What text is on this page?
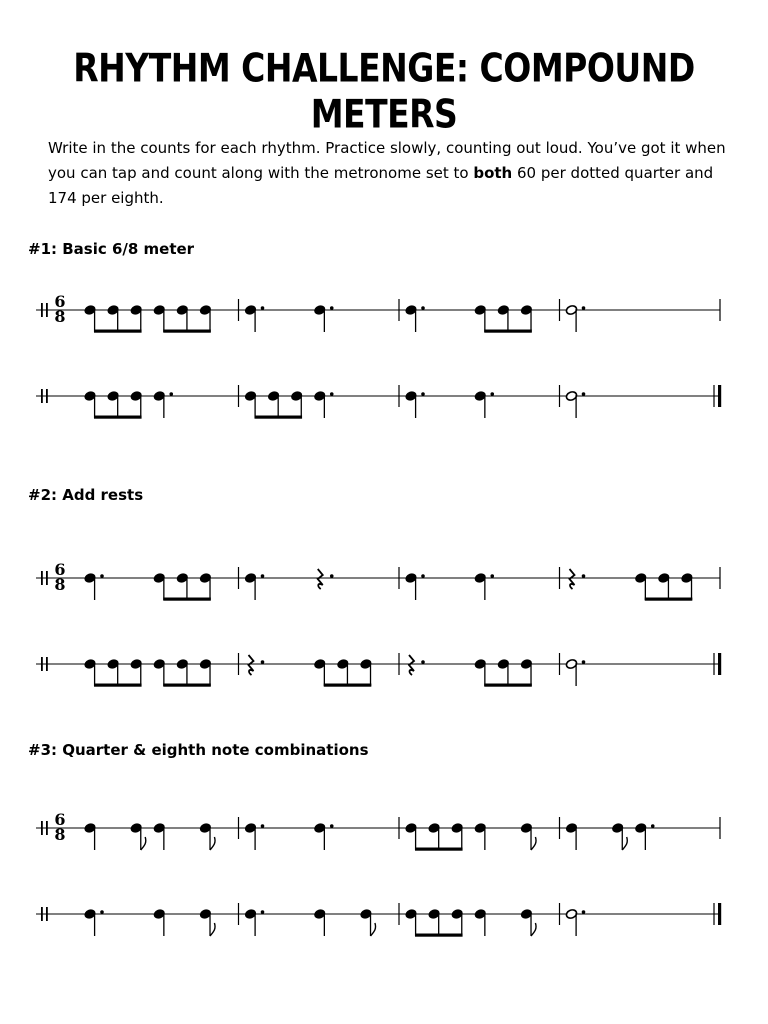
RHYTHM CHALLENGE: COMPOUND METERS

Write in the counts for each rhythm. Practice slowly, counting out loud. You’ve got it when you can tap and count along with the metronome set to both 60 per dotted quarter and 174 per eighth.

#1: Basic 6/8 meter
6
8
#2: Add rests
6
8
#3: Quarter & eighth note combinations
6
8
